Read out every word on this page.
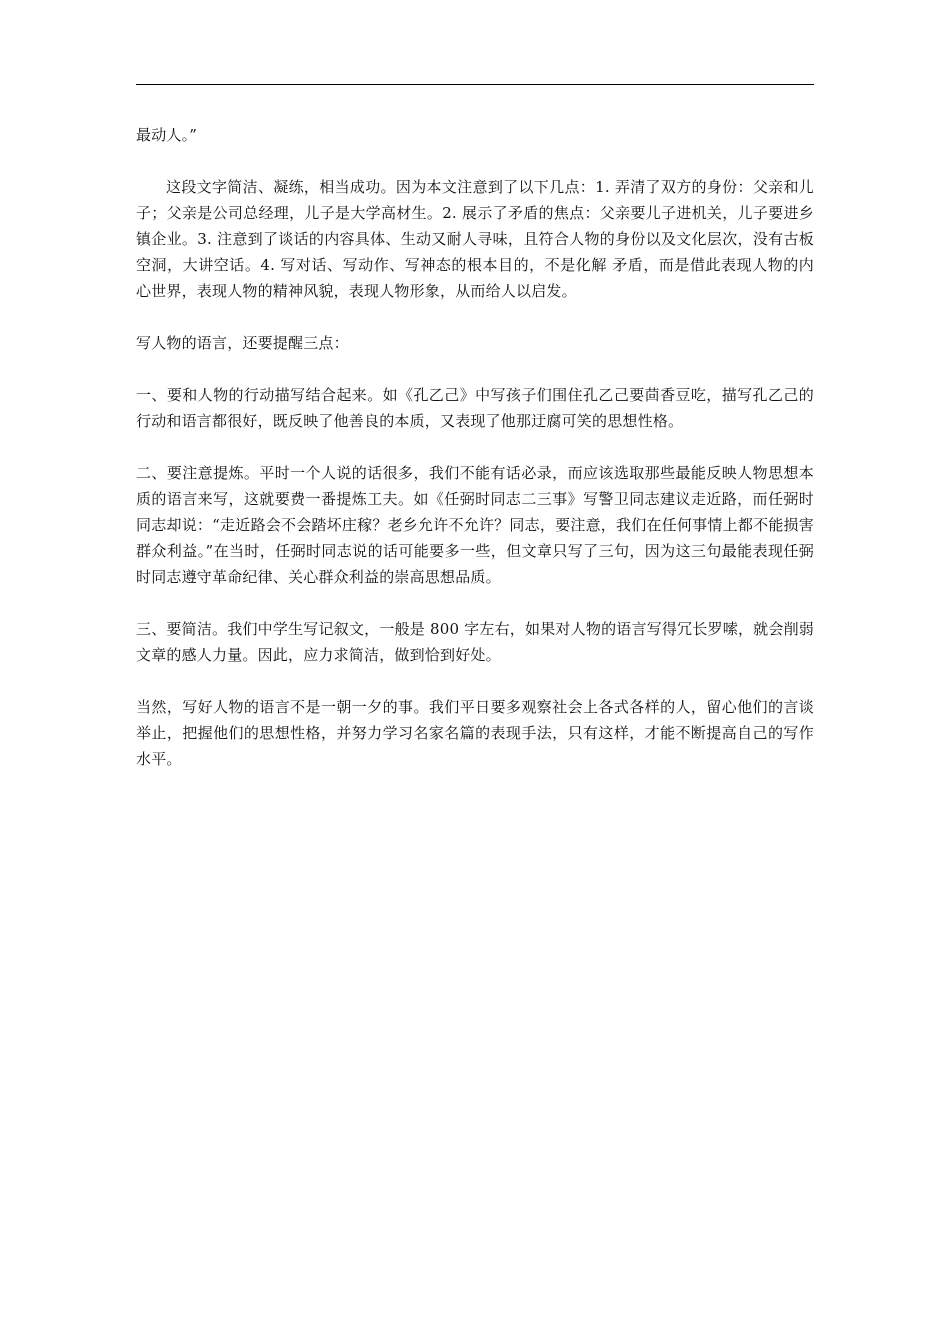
最动人。”

这段文字简洁、凝练，相当成功。因为本文注意到了以下几点：1. 弄清了双方的身份：父亲和儿子；父亲是公司总经理，儿子是大学高材生。2. 展示了矛盾的焦点：父亲要儿子进机关，儿子要进乡镇企业。3. 注意到了谈话的内容具体、生动又耐人寻味，且符合人物的身份以及文化层次，没有古板空洞，大讲空话。4. 写对话、写动作、写神态的根本目的，不是化解 矛盾，而是借此表现人物的内心世界，表现人物的精神风貌，表现人物形象，从而给人以启发。

写人物的语言，还要提醒三点：

一、要和人物的行动描写结合起来。如《孔乙己》中写孩子们围住孔乙己要茴香豆吃，描写孔乙己的行动和语言都很好，既反映了他善良的本质，又表现了他那迂腐可笑的思想性格。

二、要注意提炼。平时一个人说的话很多，我们不能有话必录，而应该选取那些最能反映人物思想本质的语言来写，这就要费一番提炼工夫。如《任弼时同志二三事》写警卫同志建议走近路，而任弼时同志却说：“走近路会不会踏坏庄稼？老乡允许不允许？同志，要注意，我们在任何事情上都不能损害群众利益。”在当时，任弼时同志说的话可能要多一些，但文章只写了三句，因为这三句最能表现任弼时同志遵守革命纪律、关心群众利益的崇高思想品质。

三、要简洁。我们中学生写记叙文，一般是 800 字左右，如果对人物的语言写得冗长罗嗦，就会削弱文章的感人力量。因此，应力求简洁，做到恰到好处。

当然，写好人物的语言不是一朝一夕的事。我们平日要多观察社会上各式各样的人，留心他们的言谈举止，把握他们的思想性格，并努力学习名家名篇的表现手法，只有这样，才能不断提高自己的写作水平。
